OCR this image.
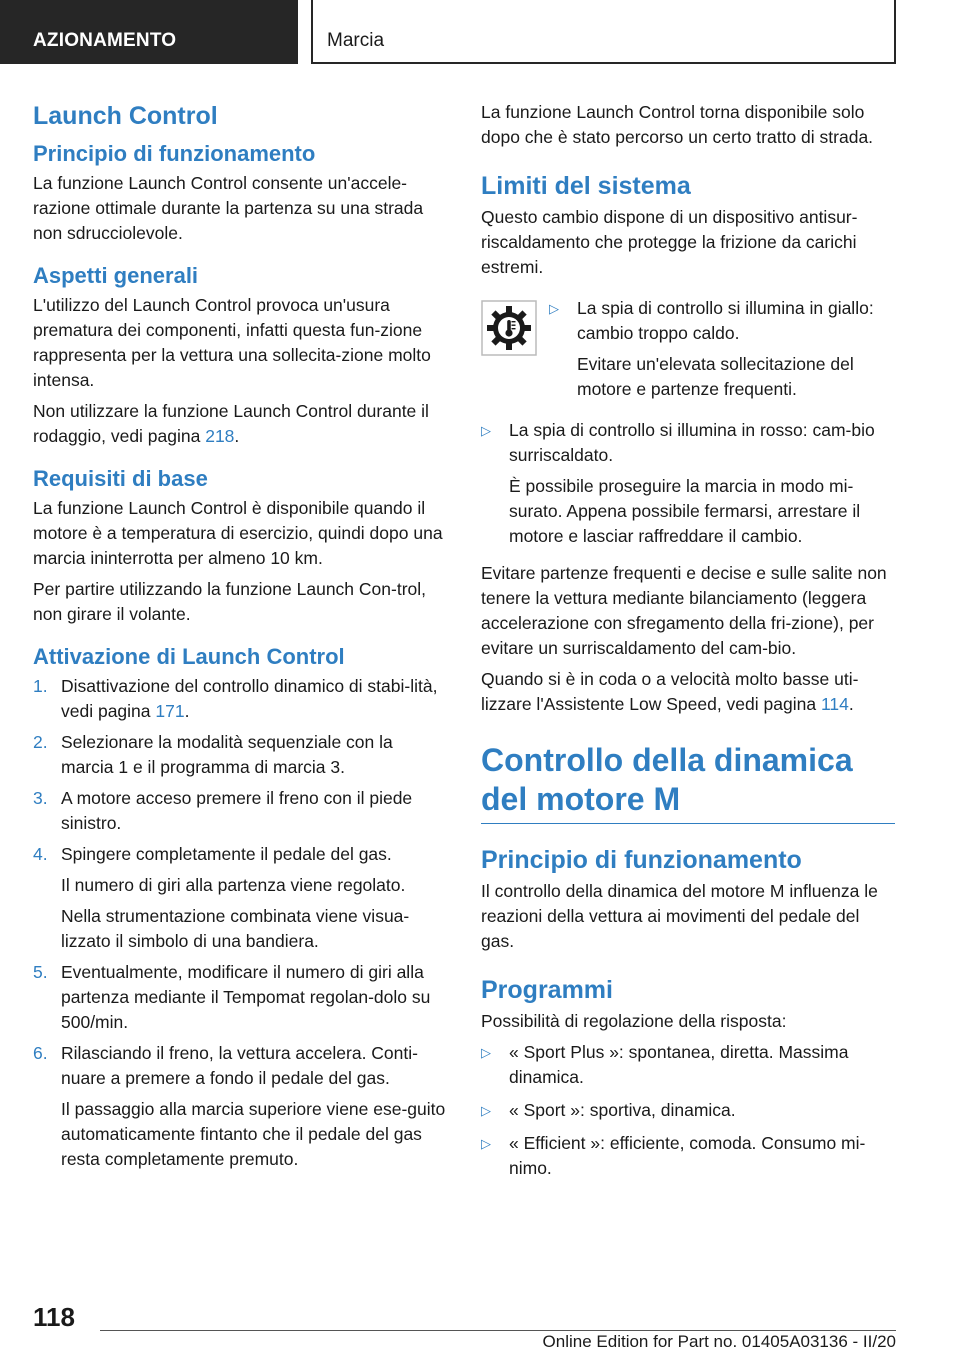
AZIONAMENTO	Marcia
Launch Control
Principio di funzionamento

La funzione Launch Control consente un'accele-razione ottimale durante la partenza su una strada non sdrucciolevole.

Aspetti generali

L'utilizzo del Launch Control provoca un'usura prematura dei componenti, infatti questa fun-zione rappresenta per la vettura una sollecita-zione molto intensa.

Non utilizzare la funzione Launch Control durante il rodaggio, vedi pagina 218.

Requisiti di base

La funzione Launch Control è disponibile quando il motore è a temperatura di esercizio, quindi dopo una marcia ininterrotta per almeno 10 km.

Per partire utilizzando la funzione Launch Con-trol, non girare il volante.

Attivazione di Launch Control
1. Disattivazione del controllo dinamico di stabi-lità, vedi pagina 171.

2. Selezionare la modalità sequenziale con la marcia 1 e il programma di marcia 3.

3. A motore acceso premere il freno con il piede sinistro.

4. Spingere completamente il pedale del gas.

Il numero di giri alla partenza viene regolato.

Nella strumentazione combinata viene visua-lizzato il simbolo di una bandiera.

5. Eventualmente, modificare il numero di giri alla partenza mediante il Tempomat regolan-dolo su 500/min.

6. Rilasciando il freno, la vettura accelera. Conti-nuare a premere a fondo il pedale del gas.

Il passaggio alla marcia superiore viene ese-guito automaticamente fintanto che il pedale del gas resta completamente premuto.

La funzione Launch Control torna disponibile solo dopo che è stato percorso un certo tratto di strada.

Limiti del sistema

Questo cambio dispone di un dispositivo antisur-riscaldamento che protegge la frizione da carichi estremi.

▷	La spia di controllo si illumina in giallo: cambio troppo caldo.

Evitare un'elevata sollecitazione del motore e partenze frequenti.

▷	La spia di controllo si illumina in rosso: cam-bio surriscaldato.

È possibile proseguire la marcia in modo mi-surato. Appena possibile fermarsi, arrestare il motore e lasciar raffreddare il cambio.

Evitare partenze frequenti e decise e sulle salite non tenere la vettura mediante bilanciamento (leggera accelerazione con sfregamento della fri-zione), per evitare un surriscaldamento del cam-bio.

Quando si è in coda o a velocità molto basse uti-lizzare l'Assistente Low Speed, vedi pagina 114.

Controllo della dinamica
del motore M
Principio di funzionamento

Il controllo della dinamica del motore M influenza le reazioni della vettura ai movimenti del pedale del gas.

Programmi

Possibilità di regolazione della risposta:

▷	« Sport Plus »: spontanea, diretta. Massima dinamica.

▷	« Sport »: sportiva, dinamica.

▷	« Efficient »: efficiente, comoda. Consumo mi-nimo.

118
Online Edition for Part no. 01405A03136 - II/20
